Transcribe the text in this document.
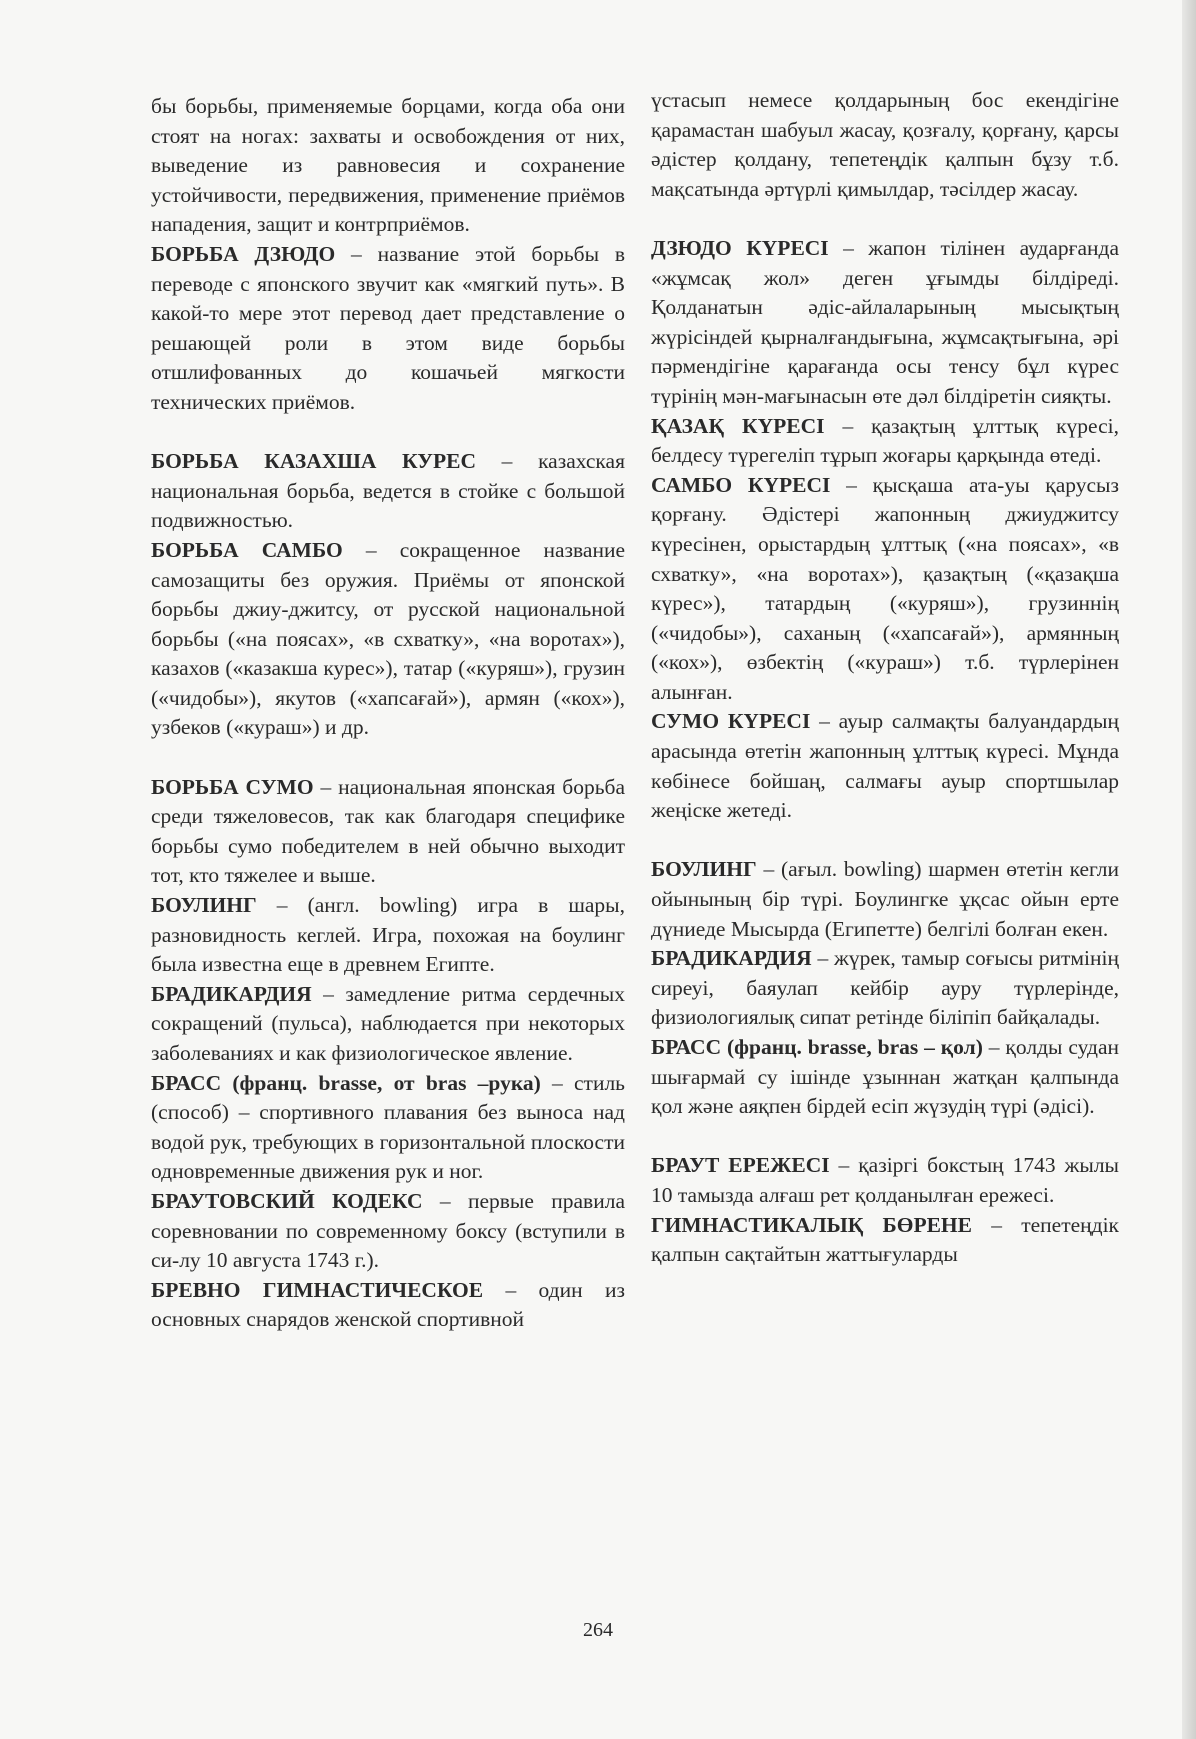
бы борьбы, применяемые борцами, когда оба они стоят на ногах: захваты и освобождения от них, выведение из равновесия и сохранение устойчивости, передвижения, применение приёмов нападения, защит и контрприёмов.

БОРЬБА ДЗЮДО – название этой борьбы в переводе с японского звучит как «мягкий путь». В какой-то мере этот перевод дает представление о решающей роли в этом виде борьбы отшлифованных до кошачьей мягкости технических приёмов.

БОРЬБА КАЗАХША КУРЕС – казахская национальная борьба, ведется в стойке с большой подвижностью.

БОРЬБА САМБО – сокращенное название самозащиты без оружия. Приёмы от японской борьбы джиу-джитсу, от русской национальной борьбы («на поясах», «в схватку», «на воротах»), казахов («казакша курес»), татар («куряш»), грузин («чидобы»), якутов («хапсағай»), армян («кох»), узбеков («кураш») и др.

БОРЬБА СУМО – национальная японская борьба среди тяжеловесов, так как благодаря специфике борьбы сумо победителем в ней обычно выходит тот, кто тяжелее и выше.

БОУЛИНГ – (англ. bowling) игра в шары, разновидность кеглей. Игра, похожая на боулинг была известна еще в древнем Египте.

БРАДИКАРДИЯ – замедление ритма сердечных сокращений (пульса), наблюдается при некоторых заболеваниях и как физиологическое явление.

БРАСС (франц. brasse, от bras –рука) – стиль (способ) – спортивного плавания без выноса над водой рук, требующих в горизонтальной плоскости одновременные движения рук и ног.

БРАУТОВСКИЙ КОДЕКС – первые правила соревновании по современному боксу (вступили в си-лу 10 августа 1743 г.).

БРЕВНО ГИМНАСТИЧЕСКОЕ – один из основных снарядов женской спортивной

үстасып немесе қолдарының бос екендігіне қарамастан шабуыл жасау, қозғалу, қорғану, қарсы әдістер қолдану, тепетеңдік қалпын бұзу т.б. мақсатында әртүрлі қимылдар, тәсілдер жасау.

ДЗЮДО КҮРЕСІ – жапон тілінен аударғанда «жұмсақ жол» деген ұғымды білдіреді. Қолданатын әдіс-айлаларының мысықтың жүрісіндей қырналғандығына, жұмсақтығына, әрі пәрмендігіне қарағанда осы тенсу бұл күрес түрінің мән-мағынасын өте дәл білдіретін сияқты.

ҚАЗАҚ КҮРЕСІ – қазақтың ұлттық күресі, белдесу түрегеліп тұрып жоғары қарқында өтеді.

САМБО КҮРЕСІ – қысқаша ата-уы қарусыз қорғану. Әдістері жапонның джиуджитсу күресінен, орыстардың ұлттық («на поясах», «в схватку», «на воротах»), қазақтың («қазақша күрес»), татардың («куряш»), грузиннің («чидобы»), саханың («хапсағай»), армянның («кох»), өзбектің («кураш») т.б. түрлерінен алынған.

СУМО КҮРЕСІ – ауыр салмақты балуандардың арасында өтетін жапонның ұлттық күресі. Мұнда көбінесе бойшаң, салмағы ауыр спортшылар жеңіске жетеді.

БОУЛИНГ – (ағыл. bowling) шармен өтетін кегли ойынының бір түрі. Боулингке ұқсас ойын ерте дүниеде Мысырда (Египетте) белгілі болған екен.

БРАДИКАРДИЯ – жүрек, тамыр соғысы ритмінің сиреуі, баяулап кейбір ауру түрлерінде, физиологиялық сипат ретінде біліпіп байқалады.

БРАСС (франц. brasse, bras – қол) – қолды судан шығармай су ішінде ұзыннан жатқан қалпында қол және аяқпен бірдей есіп жүзудің түрі (әдісі).

БРАУТ ЕРЕЖЕСІ – қазіргі бокстың 1743 жылы 10 тамызда алғаш рет қолданылған ережесі.

ГИМНАСТИКАЛЫҚ БӨРЕНЕ – тепетеңдік қалпын сақтайтын жаттығуларды

264
